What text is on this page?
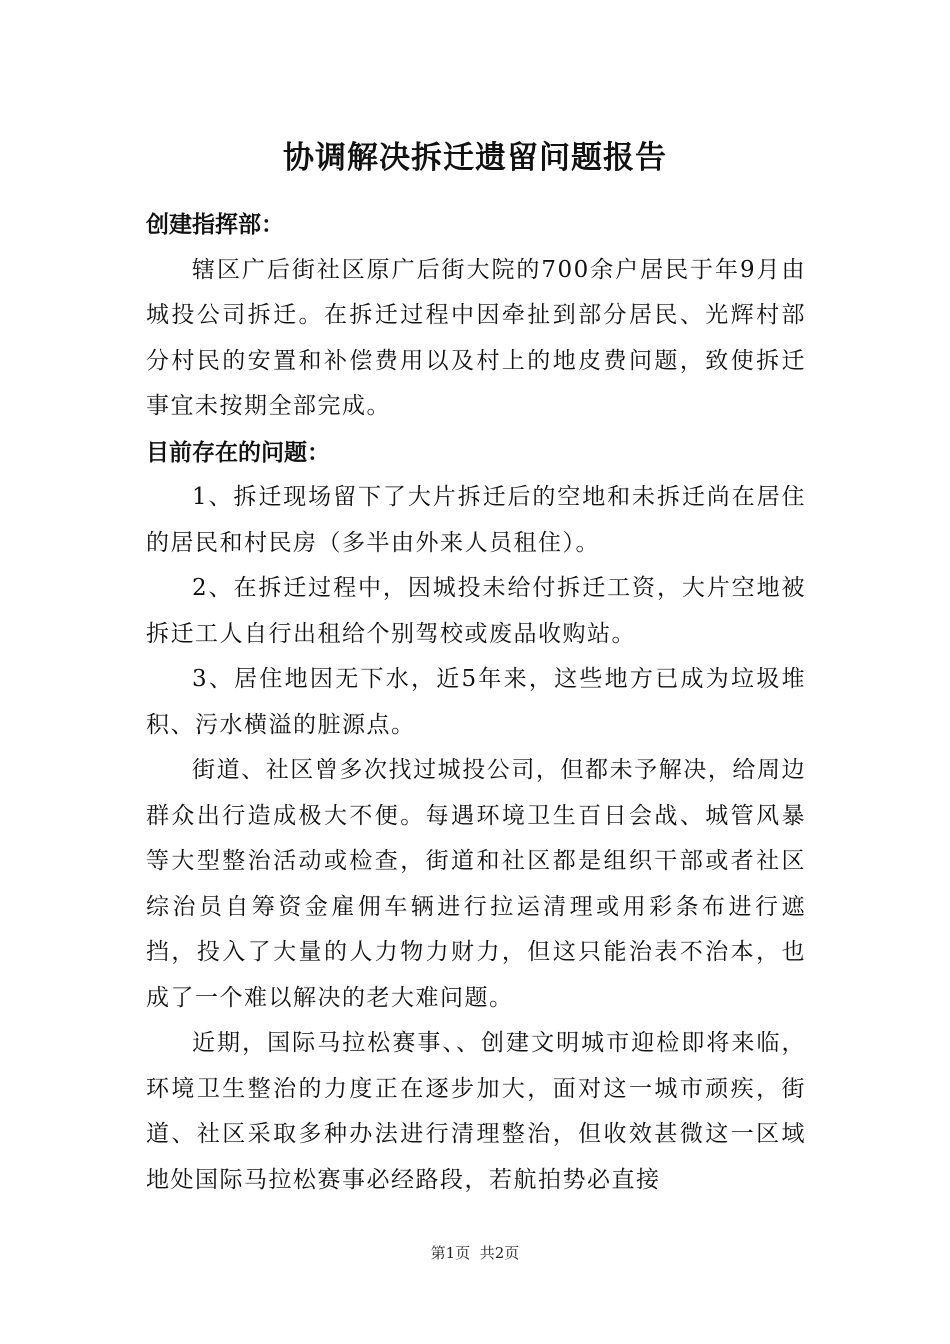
协调解决拆迁遗留问题报告

创建指挥部：

辖区广后街社区原广后街大院的700余户居民于年9月由城投公司拆迁。在拆迁过程中因牵扯到部分居民、光辉村部分村民的安置和补偿费用以及村上的地皮费问题，致使拆迁事宜未按期全部完成。

目前存在的问题：

1、拆迁现场留下了大片拆迁后的空地和未拆迁尚在居住的居民和村民房（多半由外来人员租住）。

2、在拆迁过程中，因城投未给付拆迁工资，大片空地被拆迁工人自行出租给个别驾校或废品收购站。

3、居住地因无下水，近5年来，这些地方已成为垃圾堆积、污水横溢的脏源点。

街道、社区曾多次找过城投公司，但都未予解决，给周边群众出行造成极大不便。每遇环境卫生百日会战、城管风暴等大型整治活动或检查，街道和社区都是组织干部或者社区综治员自筹资金雇佣车辆进行拉运清理或用彩条布进行遮挡，投入了大量的人力物力财力，但这只能治表不治本，也成了一个难以解决的老大难问题。

近期，国际马拉松赛事、、创建文明城市迎检即将来临，环境卫生整治的力度正在逐步加大，面对这一城市顽疾，街道、社区采取多种办法进行清理整治，但收效甚微这一区域地处国际马拉松赛事必经路段，若航拍势必直接

第1页 共2页
